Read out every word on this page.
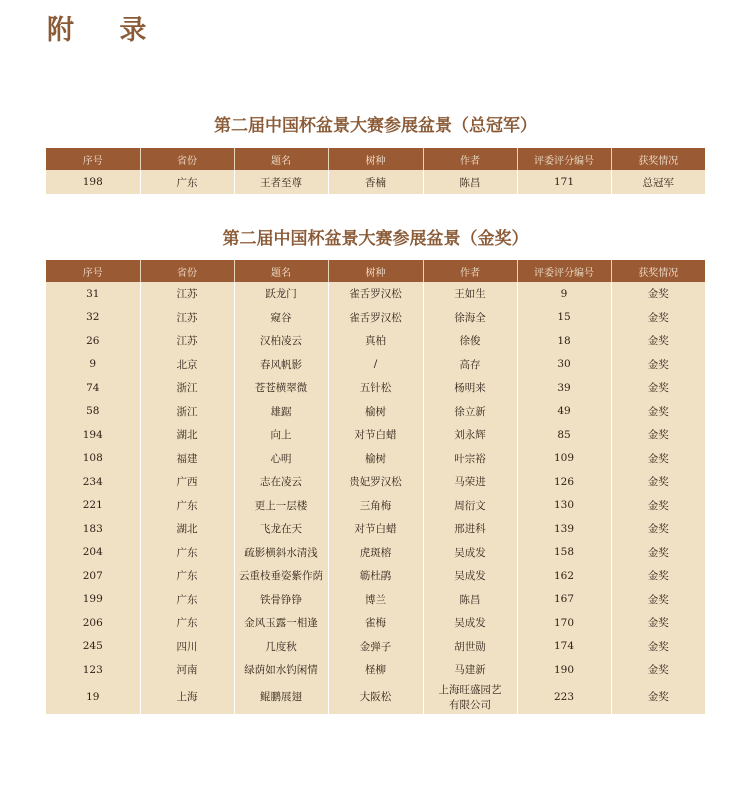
附 录
第二届中国杯盆景大赛参展盆景（总冠军）
序号	省份	题名	树种	作者	评委评分编号	获奖情况
198	广东	王者至尊	香楠	陈昌	171	总冠军
第二届中国杯盆景大赛参展盆景（金奖）
序号	省份	题名	树种	作者	评委评分编号	获奖情况
31	江苏	跃龙门	雀舌罗汉松	王如生	9	金奖
32	江苏	窥谷	雀舌罗汉松	徐海全	15	金奖
26	江苏	汉柏凌云	真柏	徐俊	18	金奖
9	北京	春风帆影	/	高存	30	金奖
74	浙江	苍苍横翠微	五针松	杨明来	39	金奖
58	浙江	雄踞	榆树	徐立新	49	金奖
194	湖北	向上	对节白蜡	刘永辉	85	金奖
108	福建	心明	榆树	叶宗裕	109	金奖
234	广西	志在凌云	贵妃罗汉松	马荣进	126	金奖
221	广东	更上一层楼	三角梅	周衍文	130	金奖
183	湖北	飞龙在天	对节白蜡	邢进科	139	金奖
204	广东	疏影横斜水清浅	虎斑榕	吴成发	158	金奖
207	广东	云重枝垂姿紫作荫	簕杜鹃	吴成发	162	金奖
199	广东	铁骨铮铮	博兰	陈昌	167	金奖
206	广东	金风玉露一相逢	雀梅	吴成发	170	金奖
245	四川	几度秋	金弹子	胡世勋	174	金奖
123	河南	绿荫如水钓闲情	柽柳	马建新	190	金奖
19	上海	鲲鹏展翅	大阪松	上海旺盛园艺有限公司	223	金奖
